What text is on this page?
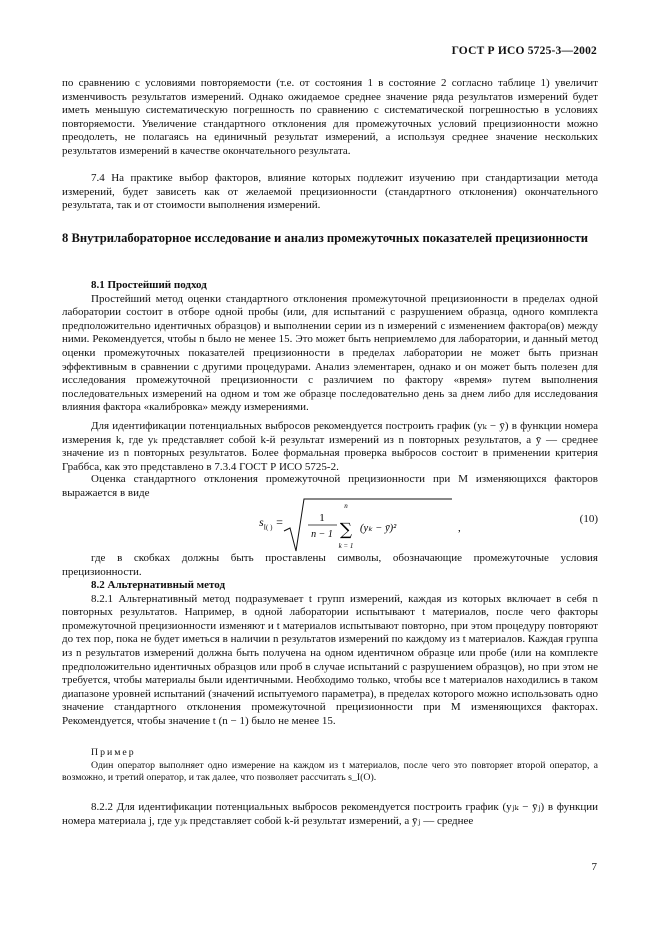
ГОСТ Р ИСО 5725-3—2002

по сравнению с условиями повторяемости (т.е. от состояния 1 в состояние 2 согласно таблице 1) увеличит изменчивость результатов измерений. Однако ожидаемое среднее значение ряда результатов измерений будет иметь меньшую систематическую погрешность по сравнению с систематической погрешностью в условиях повторяемости. Увеличение стандартного отклонения для промежуточных условий прецизионности можно преодолеть, не полагаясь на единичный результат измерений, а используя среднее значение нескольких результатов измерений в качестве окончательного результата.

7.4 На практике выбор факторов, влияние которых подлежит изучению при стандартизации метода измерений, будет зависеть как от желаемой прецизионности (стандартного отклонения) окончательного результата, так и от стоимости выполнения измерений.

8 Внутрилабораторное исследование и анализ промежуточных показателей прецизионности

8.1 Простейший подход

Простейший метод оценки стандартного отклонения промежуточной прецизионности в пределах одной лаборатории состоит в отборе одной пробы (или, для испытаний с разрушением образца, одного комплекта предположительно идентичных образцов) и выполнении серии из n измерений с изменением фактора(ов) между ними. Рекомендуется, чтобы n было не менее 15. Это может быть неприемлемо для лаборатории, и данный метод оценки промежуточных показателей прецизионности в пределах лаборатории не может быть признан эффективным в сравнении с другими процедурами. Анализ элементарен, однако и он может быть полезен для исследования промежуточной прецизионности с различием по фактору «время» путем выполнения последовательных измерений на одном и том же образце последовательно день за днем либо для исследования влияния фактора «калибровка» между измерениями.

Для идентификации потенциальных выбросов рекомендуется построить график (yₖ − ȳ) в функции номера измерения k, где yₖ представляет собой k-й результат измерений из n повторных результатов, а ȳ — среднее значение из n повторных результатов. Более формальная проверка выбросов состоит в применении критерия Граббса, как это представлено в 7.3.4 ГОСТ Р ИСО 5725-2.

Оценка стандартного отклонения промежуточной прецизионности при M изменяющихся факторов выражается в виде

$s_{I( )}$ =	1
n − 1
n
∑
k = 1
(yₖ − ȳ)²	,
(10)

где в скобках должны быть проставлены символы, обозначающие промежуточные условия прецизионности.

8.2 Альтернативный метод

8.2.1 Альтернативный метод подразумевает t групп измерений, каждая из которых включает в себя n повторных результатов. Например, в одной лаборатории испытывают t материалов, после чего факторы промежуточной прецизионности изменяют и t материалов испытывают повторно, при этом процедуру повторяют до тех пор, пока не будет иметься в наличии n результатов измерений по каждому из t материалов. Каждая группа из n результатов измерений должна быть получена на одном идентичном образце или пробе (или на комплекте предположительно идентичных образцов или проб в случае испытаний с разрушением образцов), но при этом не требуется, чтобы материалы были идентичными. Необходимо только, чтобы все t материалов находились в таком диапазоне уровней испытаний (значений испытуемого параметра), в пределах которого можно использовать одно значение стандартного отклонения промежуточной прецизионности при M изменяющихся факторах. Рекомендуется, чтобы значение t (n − 1) было не менее 15.

Пример

Один оператор выполняет одно измерение на каждом из t материалов, после чего это повторяет второй оператор, а возможно, и третий оператор, и так далее, что позволяет рассчитать s_I(O).

8.2.2 Для идентификации потенциальных выбросов рекомендуется построить график (yⱼₖ − ȳⱼ) в функции номера материала j, где yⱼₖ представляет собой k-й результат измерений, а ȳⱼ — среднее

7
